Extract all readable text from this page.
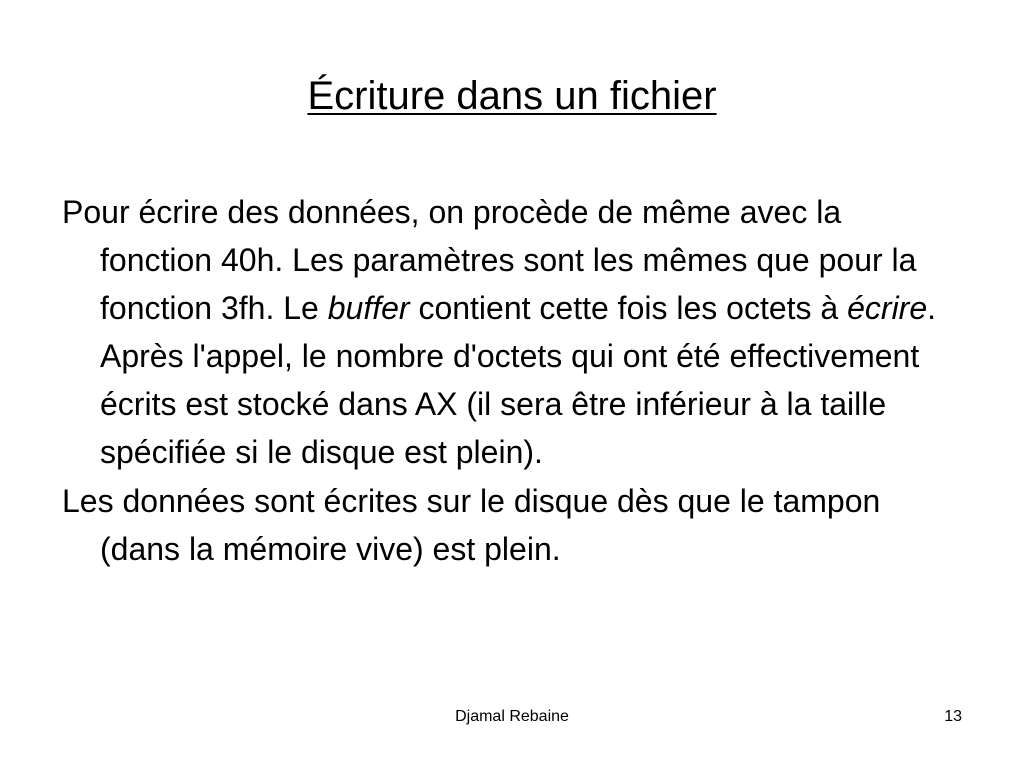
Écriture dans un fichier

Pour écrire des données, on procède de même avec la fonction 40h. Les paramètres sont les mêmes que pour la fonction 3fh. Le buffer contient cette fois les octets à écrire. Après l'appel, le nombre d'octets qui ont été effectivement écrits est stocké dans AX (il sera être inférieur à la taille spécifiée si le disque est plein).

Les données sont écrites sur le disque dès que le tampon (dans la mémoire vive) est plein.

Djamal Rebaine	13
